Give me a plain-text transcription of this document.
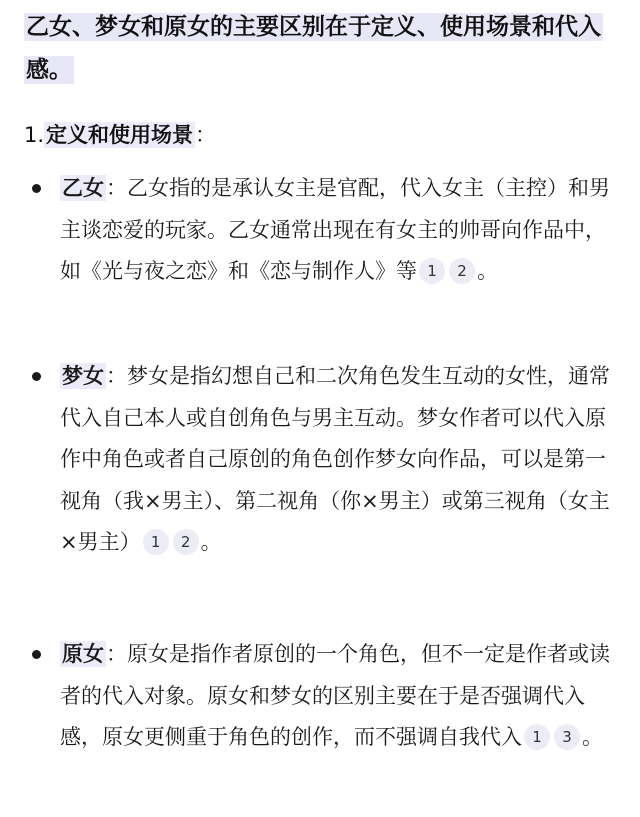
乙女、梦女和原女的主要区别在于定义、使用场景和代入感。

1.定义和使用场景：

乙女：乙女指的是承认女主是官配，代入女主（主控）和男主谈恋爱的玩家。乙女通常出现在有女主的帅哥向作品中，如《光与夜之恋》和《恋与制作人》等 1 2 。

梦女：梦女是指幻想自己和二次角色发生互动的女性，通常代入自己本人或自创角色与男主互动。梦女作者可以代入原作中角色或者自己原创的角色创作梦女向作品，可以是第一视角（我×男主）、第二视角（你×男主）或第三视角（女主×男主） 1 2 。

原女：原女是指作者原创的一个角色，但不一定是作者或读者的代入对象。原女和梦女的区别主要在于是否强调代入感，原女更侧重于角色的创作，而不强调自我代入 1 3 。
